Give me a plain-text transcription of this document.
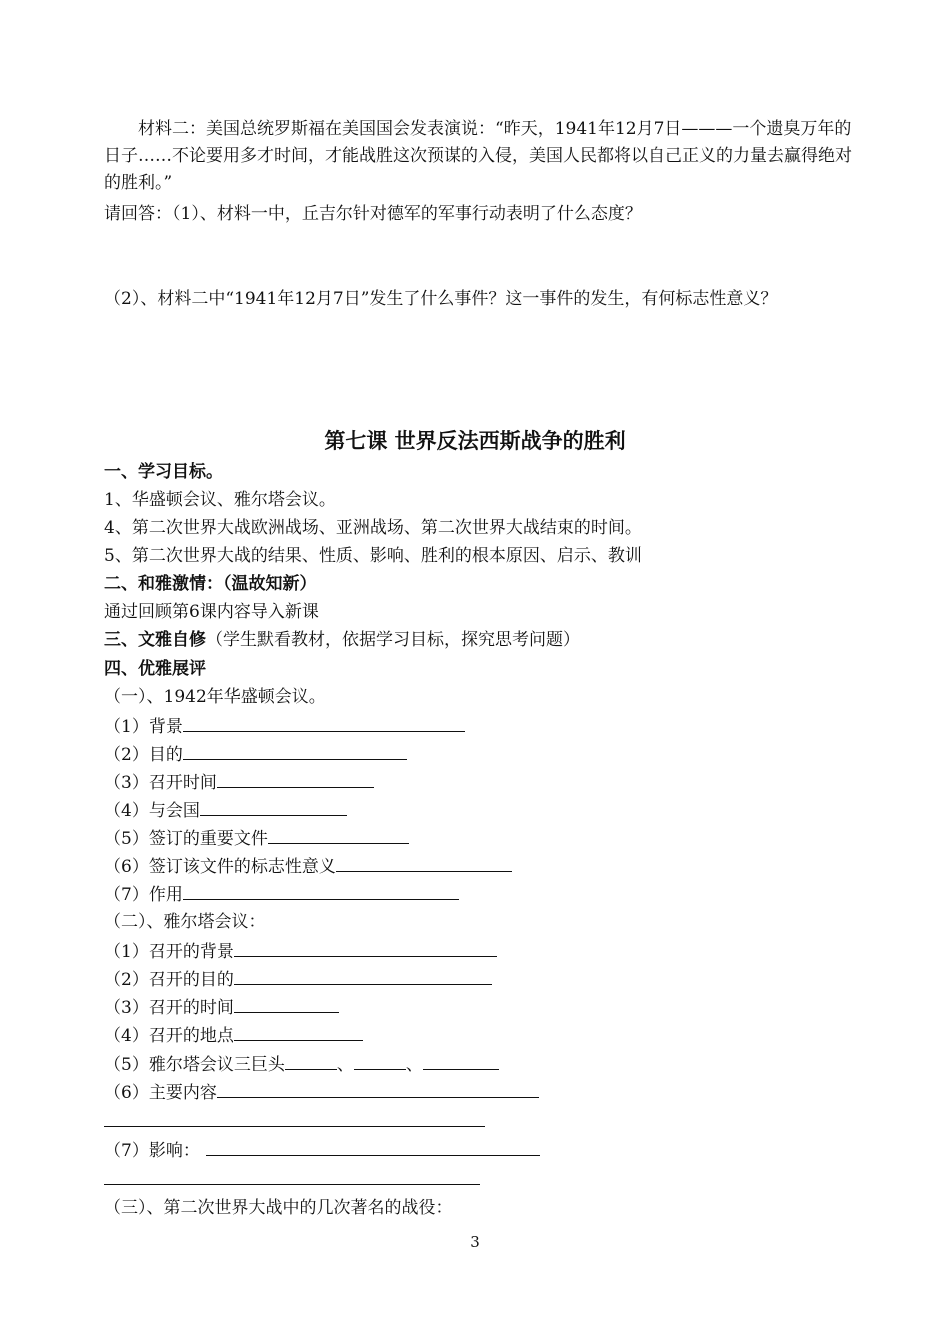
材料二：美国总统罗斯福在美国国会发表演说：“昨天，1941年12月7日———一个遗臭万年的日子……不论要用多才时间，才能战胜这次预谋的入侵，美国人民都将以自己正义的力量去赢得绝对的胜利。”

请回答：（1）、材料一中，丘吉尔针对德军的军事行动表明了什么态度？
（2）、材料二中“1941年12月7日”发生了什么事件？这一事件的发生，有何标志性意义？
第七课 世界反法西斯战争的胜利
一、学习目标。
1、华盛顿会议、雅尔塔会议。
4、第二次世界大战欧洲战场、亚洲战场、第二次世界大战结束的时间。
5、第二次世界大战的结果、性质、影响、胜利的根本原因、启示、教训
二、和雅激情：（温故知新）
通过回顾第6课内容导入新课
三、文雅自修（学生默看教材，依据学习目标，探究思考问题）
四、优雅展评
（一）、1942年华盛顿会议。
（1）背景
（2）目的
（3）召开时间
（4）与会国
（5）签订的重要文件
（6）签订该文件的标志性意义
（7）作用
（二）、雅尔塔会议：
（1）召开的背景
（2）召开的目的
（3）召开的时间
（4）召开的地点
（5）雅尔塔会议三巨头	、	、
（6）主要内容
（7）影响：
（三）、第二次世界大战中的几次著名的战役：
3
